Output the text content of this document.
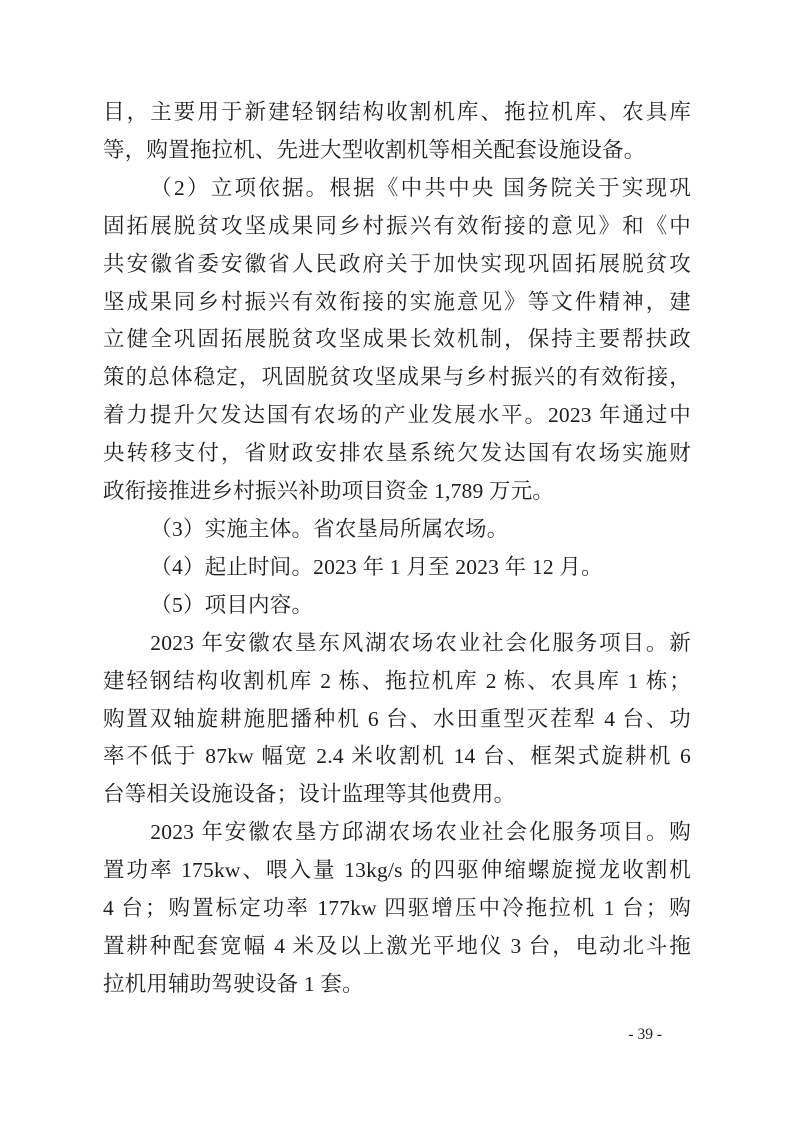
目，主要用于新建轻钢结构收割机库、拖拉机库、农具库
等，购置拖拉机、先进大型收割机等相关配套设施设备。
（2）立项依据。根据《中共中央 国务院关于实现巩
固拓展脱贫攻坚成果同乡村振兴有效衔接的意见》和《中
共安徽省委安徽省人民政府关于加快实现巩固拓展脱贫攻
坚成果同乡村振兴有效衔接的实施意见》等文件精神，建
立健全巩固拓展脱贫攻坚成果长效机制，保持主要帮扶政
策的总体稳定，巩固脱贫攻坚成果与乡村振兴的有效衔接，
着力提升欠发达国有农场的产业发展水平。2023 年通过中
央转移支付，省财政安排农垦系统欠发达国有农场实施财
政衔接推进乡村振兴补助项目资金 1,789 万元。
（3）实施主体。省农垦局所属农场。
（4）起止时间。2023 年 1 月至 2023 年 12 月。
（5）项目内容。
2023 年安徽农垦东风湖农场农业社会化服务项目。新
建轻钢结构收割机库 2 栋、拖拉机库 2 栋、农具库 1 栋；
购置双轴旋耕施肥播种机 6 台、水田重型灭茬犁 4 台、功
率不低于 87kw 幅宽 2.4 米收割机 14 台、框架式旋耕机 6
台等相关设施设备；设计监理等其他费用。
2023 年安徽农垦方邱湖农场农业社会化服务项目。购
置功率 175kw、喂入量 13kg/s 的四驱伸缩螺旋搅龙收割机
4 台；购置标定功率 177kw 四驱增压中冷拖拉机 1 台；购
置耕种配套宽幅 4 米及以上激光平地仪 3 台，电动北斗拖
拉机用辅助驾驶设备 1 套。
- 39 -
